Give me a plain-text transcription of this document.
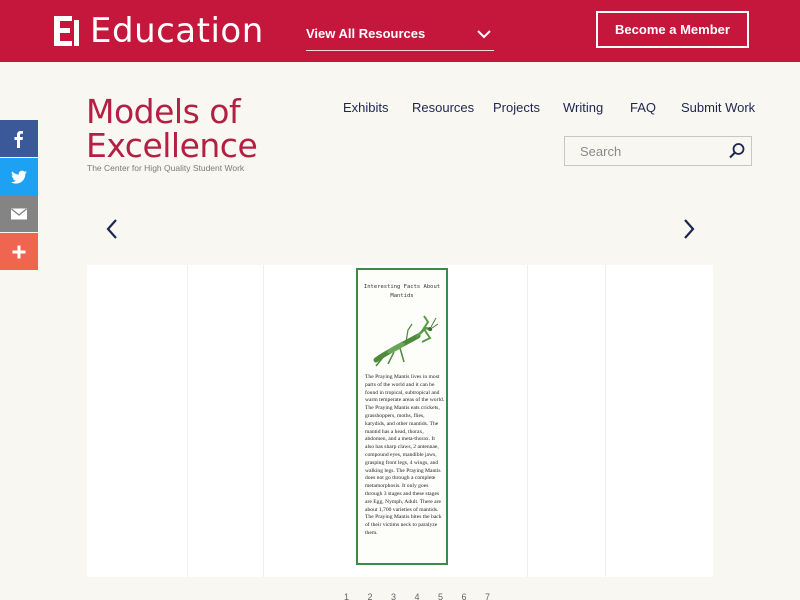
Education	View All Resources	Become a Member
Models of
Excellence
The Center for High Quality Student Work
Exhibits Resources Projects Writing FAQ Submit Work
Search
Interesting Facts About Mantids
The Praying Mantis lives in most parts of the world and it can be found in tropical, subtropical and warm temperate areas of the world. The Praying Mantis eats crickets, grasshoppers, moths, flies, katydids, and other mantids. The mantid has a head, thorax, abdomen, and a meta-thorax. It also has sharp claws, 2 antennae, compound eyes, mandible jaws, grasping front legs, 4 wings, and walking legs. The Praying Mantis does not go through a complete metamorphosis. It only goes through 3 stages and these stages are Egg, Nymph, Adult. There are about 1,700 varieties of mantids. The Praying Mantis bites the back of their victims neck to paralyze them.
1 2 3 4 5 6 7
